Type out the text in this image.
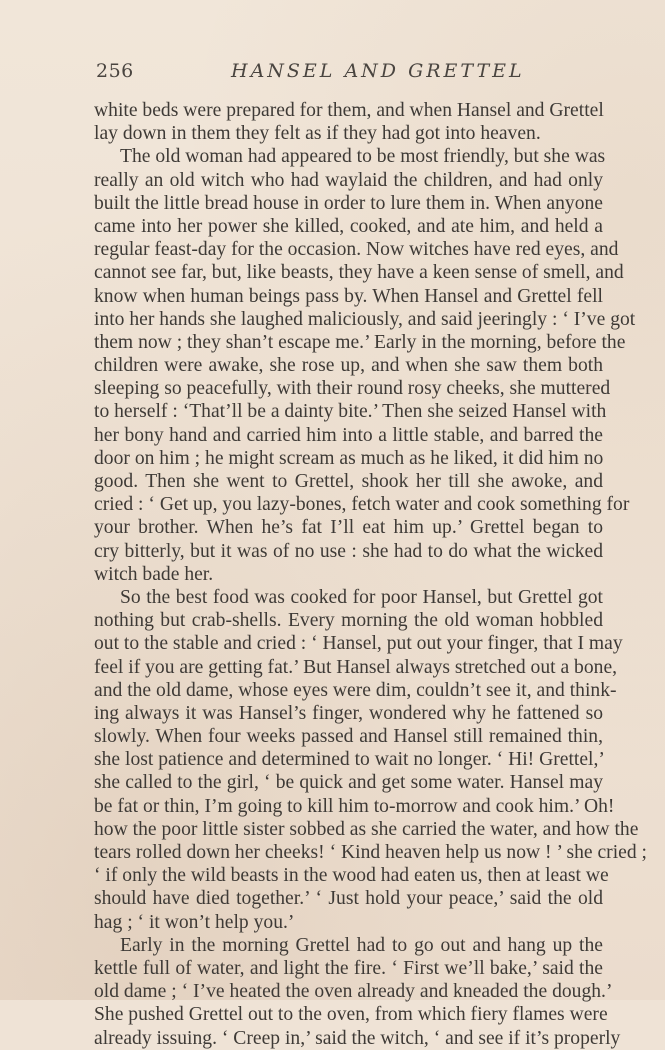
256	HANSEL AND GRETTEL
white beds were prepared for them, and when Hansel and Grettel
lay down in them they felt as if they had got into heaven.
The old woman had appeared to be most friendly, but she was
really an old witch who had waylaid the children, and had only
built the little bread house in order to lure them in. When anyone
came into her power she killed, cooked, and ate him, and held a
regular feast-day for the occasion. Now witches have red eyes, and
cannot see far, but, like beasts, they have a keen sense of smell, and
know when human beings pass by. When Hansel and Grettel fell
into her hands she laughed maliciously, and said jeeringly : ‘ I’ve got
them now ; they shan’t escape me.’ Early in the morning, before the
children were awake, she rose up, and when she saw them both
sleeping so peacefully, with their round rosy cheeks, she muttered
to herself : ‘That’ll be a dainty bite.’ Then she seized Hansel with
her bony hand and carried him into a little stable, and barred the
door on him ; he might scream as much as he liked, it did him no
good. Then she went to Grettel, shook her till she awoke, and
cried : ‘ Get up, you lazy-bones, fetch water and cook something for
your brother. When he’s fat I’ll eat him up.’ Grettel began to
cry bitterly, but it was of no use : she had to do what the wicked
witch bade her.
So the best food was cooked for poor Hansel, but Grettel got
nothing but crab-shells. Every morning the old woman hobbled
out to the stable and cried : ‘ Hansel, put out your finger, that I may
feel if you are getting fat.’ But Hansel always stretched out a bone,
and the old dame, whose eyes were dim, couldn’t see it, and think-
ing always it was Hansel’s finger, wondered why he fattened so
slowly. When four weeks passed and Hansel still remained thin,
she lost patience and determined to wait no longer. ‘ Hi! Grettel,’
she called to the girl, ‘ be quick and get some water. Hansel may
be fat or thin, I’m going to kill him to-morrow and cook him.’ Oh!
how the poor little sister sobbed as she carried the water, and how the
tears rolled down her cheeks! ‘ Kind heaven help us now ! ’ she cried ;
‘ if only the wild beasts in the wood had eaten us, then at least we
should have died together.’ ‘ Just hold your peace,’ said the old
hag ; ‘ it won’t help you.’
Early in the morning Grettel had to go out and hang up the
kettle full of water, and light the fire. ‘ First we’ll bake,’ said the
old dame ; ‘ I’ve heated the oven already and kneaded the dough.’
She pushed Grettel out to the oven, from which fiery flames were
already issuing. ‘ Creep in,’ said the witch, ‘ and see if it’s properly
